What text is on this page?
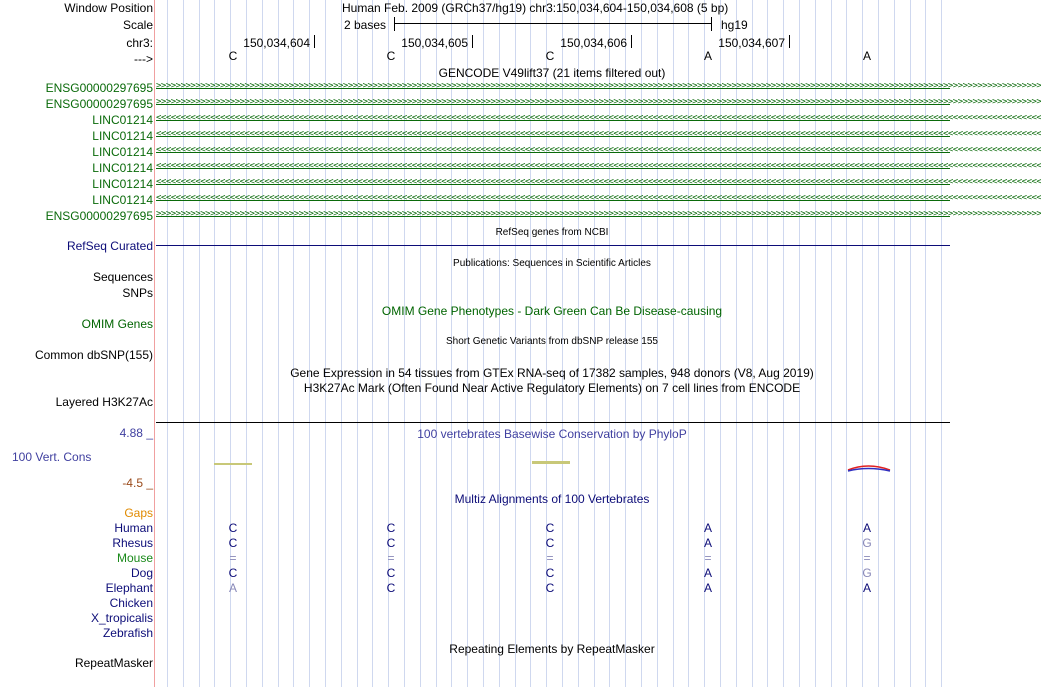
Window Position
Scale
chr3:
--->
ENSG00000297695
ENSG00000297695
LINC01214
LINC01214
LINC01214
LINC01214
LINC01214
LINC01214
ENSG00000297695
RefSeq Curated
Sequences
SNPs
OMIM Genes
Common dbSNP(155)
Layered H3K27Ac
4.88 _
100 Vert. Cons
-4.5 _
Gaps
Human
Rhesus
Mouse
Dog
Elephant
Chicken
X_tropicalis
Zebrafish
RepeatMasker
Human Feb. 2009 (GRCh37/hg19) chr3:150,034,604-150,034,608 (5 bp)
2 bases	hg19
150,034,604	150,034,605	150,034,606	150,034,607
C	C	C	A	A
GENCODE V49lift37 (21 items filtered out)
>>>>>>>>>>>>>>>>>>>>>>>>>>>>>>>>>>>>>>>>>>>>>>>>>>>>>>>>>>>>>>>>>>>>>>>>>>>>>>>>>>>>>>>>>>>>>>>>>>>>>>>>>>>>>>>>>>>>>>>>>>>>>>>>>>>>>>>>>>>>>>>>>>>>>>>>>>>>>>>>>>>>>>>>>>>>>>>>>>>>
>>>>>>>>>>>>>>>>>>>>>>>>>>>>>>>>>>>>>>>>>>>>>>>>>>>>>>>>>>>>>>>>>>>>>>>>>>>>>>>>>>>>>>>>>>>>>>>>>>>>>>>>>>>>>>>>>>>>>>>>>>>>>>>>>>>>>>>>>>>>>>>>>>>>>>>>>>>>>>>>>>>>>>>>>>>>>>>>>>>>
<<<<<<<<<<<<<<<<<<<<<<<<<<<<<<<<<<<<<<<<<<<<<<<<<<<<<<<<<<<<<<<<<<<<<<<<<<<<<<<<<<<<<<<<<<<<<<<<<<<<<<<<<<<<<<<<<<<<<<<<<<<<<<<<<<<<<<<<<<<<<<<<<<<<<<<<<<<<<<<<<<<<<<<<<<<<<<<<<<<<
<<<<<<<<<<<<<<<<<<<<<<<<<<<<<<<<<<<<<<<<<<<<<<<<<<<<<<<<<<<<<<<<<<<<<<<<<<<<<<<<<<<<<<<<<<<<<<<<<<<<<<<<<<<<<<<<<<<<<<<<<<<<<<<<<<<<<<<<<<<<<<<<<<<<<<<<<<<<<<<<<<<<<<<<<<<<<<<<<<<<
<<<<<<<<<<<<<<<<<<<<<<<<<<<<<<<<<<<<<<<<<<<<<<<<<<<<<<<<<<<<<<<<<<<<<<<<<<<<<<<<<<<<<<<<<<<<<<<<<<<<<<<<<<<<<<<<<<<<<<<<<<<<<<<<<<<<<<<<<<<<<<<<<<<<<<<<<<<<<<<<<<<<<<<<<<<<<<<<<<<<
<<<<<<<<<<<<<<<<<<<<<<<<<<<<<<<<<<<<<<<<<<<<<<<<<<<<<<<<<<<<<<<<<<<<<<<<<<<<<<<<<<<<<<<<<<<<<<<<<<<<<<<<<<<<<<<<<<<<<<<<<<<<<<<<<<<<<<<<<<<<<<<<<<<<<<<<<<<<<<<<<<<<<<<<<<<<<<<<<<<<
<<<<<<<<<<<<<<<<<<<<<<<<<<<<<<<<<<<<<<<<<<<<<<<<<<<<<<<<<<<<<<<<<<<<<<<<<<<<<<<<<<<<<<<<<<<<<<<<<<<<<<<<<<<<<<<<<<<<<<<<<<<<<<<<<<<<<<<<<<<<<<<<<<<<<<<<<<<<<<<<<<<<<<<<<<<<<<<<<<<<
<<<<<<<<<<<<<<<<<<<<<<<<<<<<<<<<<<<<<<<<<<<<<<<<<<<<<<<<<<<<<<<<<<<<<<<<<<<<<<<<<<<<<<<<<<<<<<<<<<<<<<<<<<<<<<<<<<<<<<<<<<<<<<<<<<<<<<<<<<<<<<<<<<<<<<<<<<<<<<<<<<<<<<<<<<<<<<<<<<<<
>>>>>>>>>>>>>>>>>>>>>>>>>>>>>>>>>>>>>>>>>>>>>>>>>>>>>>>>>>>>>>>>>>>>>>>>>>>>>>>>>>>>>>>>>>>>>>>>>>>>>>>>>>>>>>>>>>>>>>>>>>>>>>>>>>>>>>>>>>>>>>>>>>>>>>>>>>>>>>>>>>>>>>>>>>>>>>>>>>>>
RefSeq genes from NCBI
Publications: Sequences in Scientific Articles
OMIM Gene Phenotypes - Dark Green Can Be Disease-causing
Short Genetic Variants from dbSNP release 155
Gene Expression in 54 tissues from GTEx RNA-seq of 17382 samples, 948 donors (V8, Aug 2019)
H3K27Ac Mark (Often Found Near Active Regulatory Elements) on 7 cell lines from ENCODE
100 vertebrates Basewise Conservation by PhyloP
Multiz Alignments of 100 Vertebrates
C	C	C	A	A
C	C	C	A	G
=	=	=	=	=
C	C	C	A	G
A	C	C	A	A
Repeating Elements by RepeatMasker
